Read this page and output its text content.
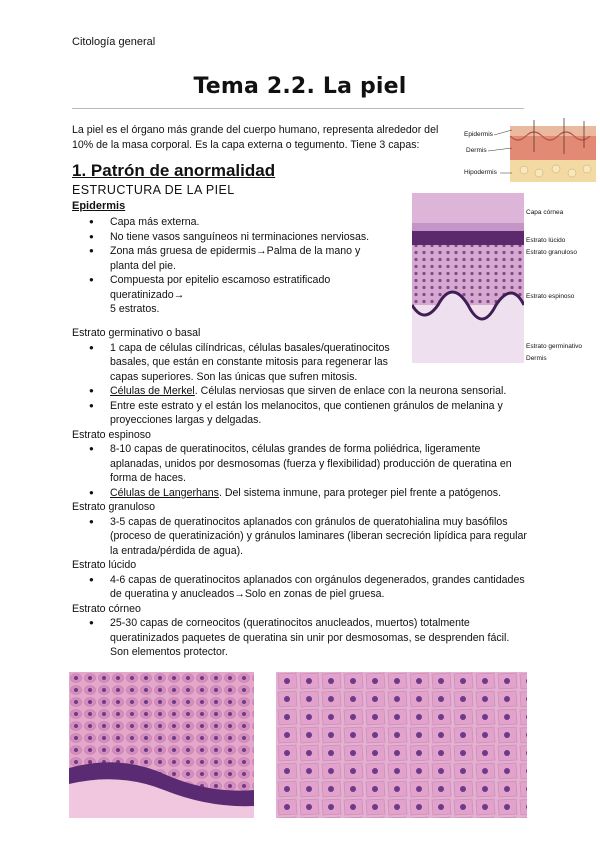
Citología general
Tema 2.2. La piel
La piel es el órgano más grande del cuerpo humano, representa alrededor del 10% de la masa corporal. Es la capa externa o tegumento. Tiene 3 capas:
Epidermis
Dermis
Hipodermis
1. Patrón de anormalidad
ESTRUCTURA DE LA PIEL
Epidermis
Capa córnea
Estrato lúcido
Estrato granuloso
Estrato espinoso
Estrato germinativo
Dermis
● Capa más externa.
● No tiene vasos sanguíneos ni terminaciones nerviosas.
● Zona más gruesa de epidermis→Palma de la mano y planta del pie.
● Compuesta por epitelio escamoso estratificado queratinizado→
● 5 estratos.
Estrato germinativo o basal
● 1 capa de células cilíndricas, células basales/queratinocitos basales, que están en constante mitosis para regenerar las capas superiores. Son las únicas que sufren mitosis.
● Células de Merkel. Células nerviosas que sirven de enlace con la neurona sensorial.
● Entre este estrato y el están los melanocitos, que contienen gránulos de melanina y proyecciones largas y delgadas.
Estrato espinoso
● 8-10 capas de queratinocitos, células grandes de forma poliédrica, ligeramente aplanadas, unidos por desmosomas (fuerza y flexibilidad) producción de queratina en forma de haces.
● Células de Langerhans. Del sistema inmune, para proteger piel frente a patógenos.
Estrato granuloso
● 3-5 capas de queratinocitos aplanados con gránulos de queratohialina muy basófilos (proceso de queratinización) y gránulos laminares (liberan secreción lipídica para regular la entrada/pérdida de agua).
Estrato lúcido
● 4-6 capas de queratinocitos aplanados con orgánulos degenerados, grandes cantidades de queratina y anucleados→Solo en zonas de piel gruesa.
Estrato córneo
● 25-30 capas de corneocitos (queratinocitos anucleados, muertos) totalmente queratinizados paquetes de queratina sin unir por desmosomas, se desprenden fácil. Son elementos protector.
